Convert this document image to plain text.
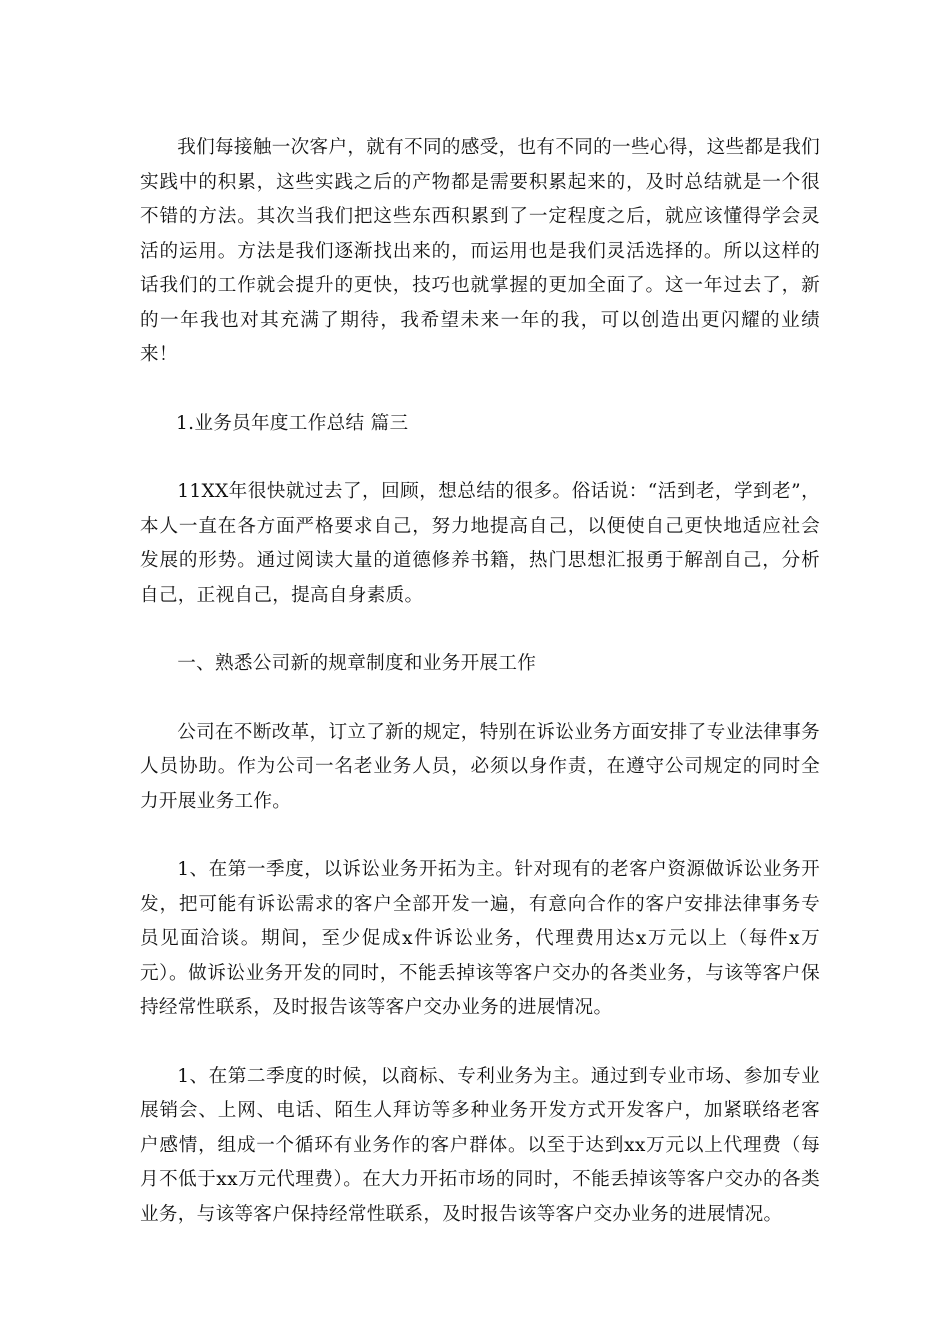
我们每接触一次客户，就有不同的感受，也有不同的一些心得，这些都是我们实践中的积累，这些实践之后的产物都是需要积累起来的，及时总结就是一个很不错的方法。其次当我们把这些东西积累到了一定程度之后，就应该懂得学会灵活的运用。方法是我们逐渐找出来的，而运用也是我们灵活选择的。所以这样的话我们的工作就会提升的更快，技巧也就掌握的更加全面了。这一年过去了，新的一年我也对其充满了期待，我希望未来一年的我，可以创造出更闪耀的业绩来！

1.业务员年度工作总结 篇三

11XX年很快就过去了，回顾，想总结的很多。俗话说：“活到老，学到老”，本人一直在各方面严格要求自己，努力地提高自己，以便使自己更快地适应社会发展的形势。通过阅读大量的道德修养书籍，热门思想汇报勇于解剖自己，分析自己，正视自己，提高自身素质。

一、熟悉公司新的规章制度和业务开展工作

公司在不断改革，订立了新的规定，特别在诉讼业务方面安排了专业法律事务人员协助。作为公司一名老业务人员，必须以身作责，在遵守公司规定的同时全力开展业务工作。

1、在第一季度，以诉讼业务开拓为主。针对现有的老客户资源做诉讼业务开发，把可能有诉讼需求的客户全部开发一遍，有意向合作的客户安排法律事务专员见面洽谈。期间，至少促成x件诉讼业务，代理费用达x万元以上（每件x万元）。做诉讼业务开发的同时，不能丢掉该等客户交办的各类业务，与该等客户保持经常性联系，及时报告该等客户交办业务的进展情况。

1、在第二季度的时候，以商标、专利业务为主。通过到专业市场、参加专业展销会、上网、电话、陌生人拜访等多种业务开发方式开发客户，加紧联络老客户感情，组成一个循环有业务作的客户群体。以至于达到xx万元以上代理费（每月不低于xx万元代理费）。在大力开拓市场的同时，不能丢掉该等客户交办的各类业务，与该等客户保持经常性联系，及时报告该等客户交办业务的进展情况。
